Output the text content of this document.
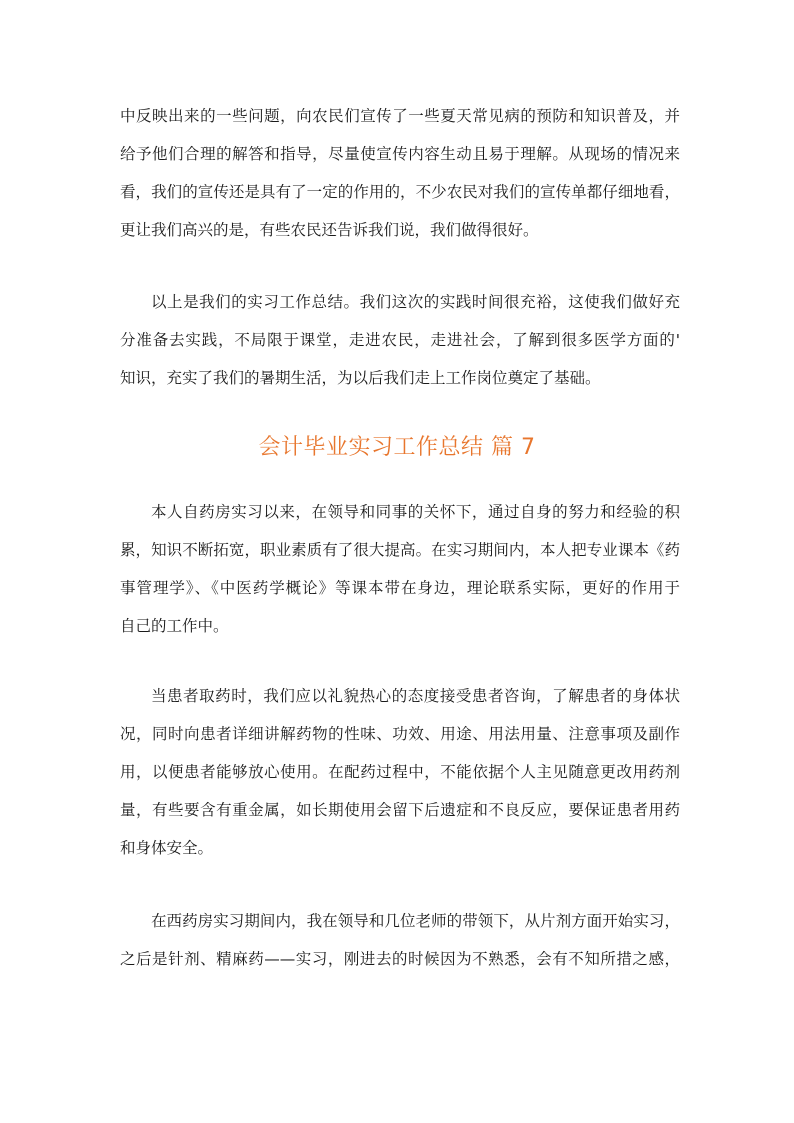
中反映出来的一些问题，向农民们宣传了一些夏天常见病的预防和知识普及，并
给予他们合理的解答和指导，尽量使宣传内容生动且易于理解。从现场的情况来
看，我们的宣传还是具有了一定的作用的，不少农民对我们的宣传单都仔细地看，
更让我们高兴的是，有些农民还告诉我们说，我们做得很好。
以上是我们的实习工作总结。我们这次的实践时间很充裕，这使我们做好充
分准备去实践，不局限于课堂，走进农民，走进社会，了解到很多医学方面的'
知识，充实了我们的暑期生活，为以后我们走上工作岗位奠定了基础。
会计毕业实习工作总结 篇 7
本人自药房实习以来，在领导和同事的关怀下，通过自身的努力和经验的积
累，知识不断拓宽，职业素质有了很大提高。在实习期间内，本人把专业课本《药
事管理学》、《中医药学概论》等课本带在身边，理论联系实际，更好的作用于
自己的工作中。
当患者取药时，我们应以礼貌热心的态度接受患者咨询，了解患者的身体状
况，同时向患者详细讲解药物的性味、功效、用途、用法用量、注意事项及副作
用，以便患者能够放心使用。在配药过程中，不能依据个人主见随意更改用药剂
量，有些要含有重金属，如长期使用会留下后遗症和不良反应，要保证患者用药
和身体安全。
在西药房实习期间内，我在领导和几位老师的带领下，从片剂方面开始实习，
之后是针剂、精麻药——实习，刚进去的时候因为不熟悉，会有不知所措之感，
